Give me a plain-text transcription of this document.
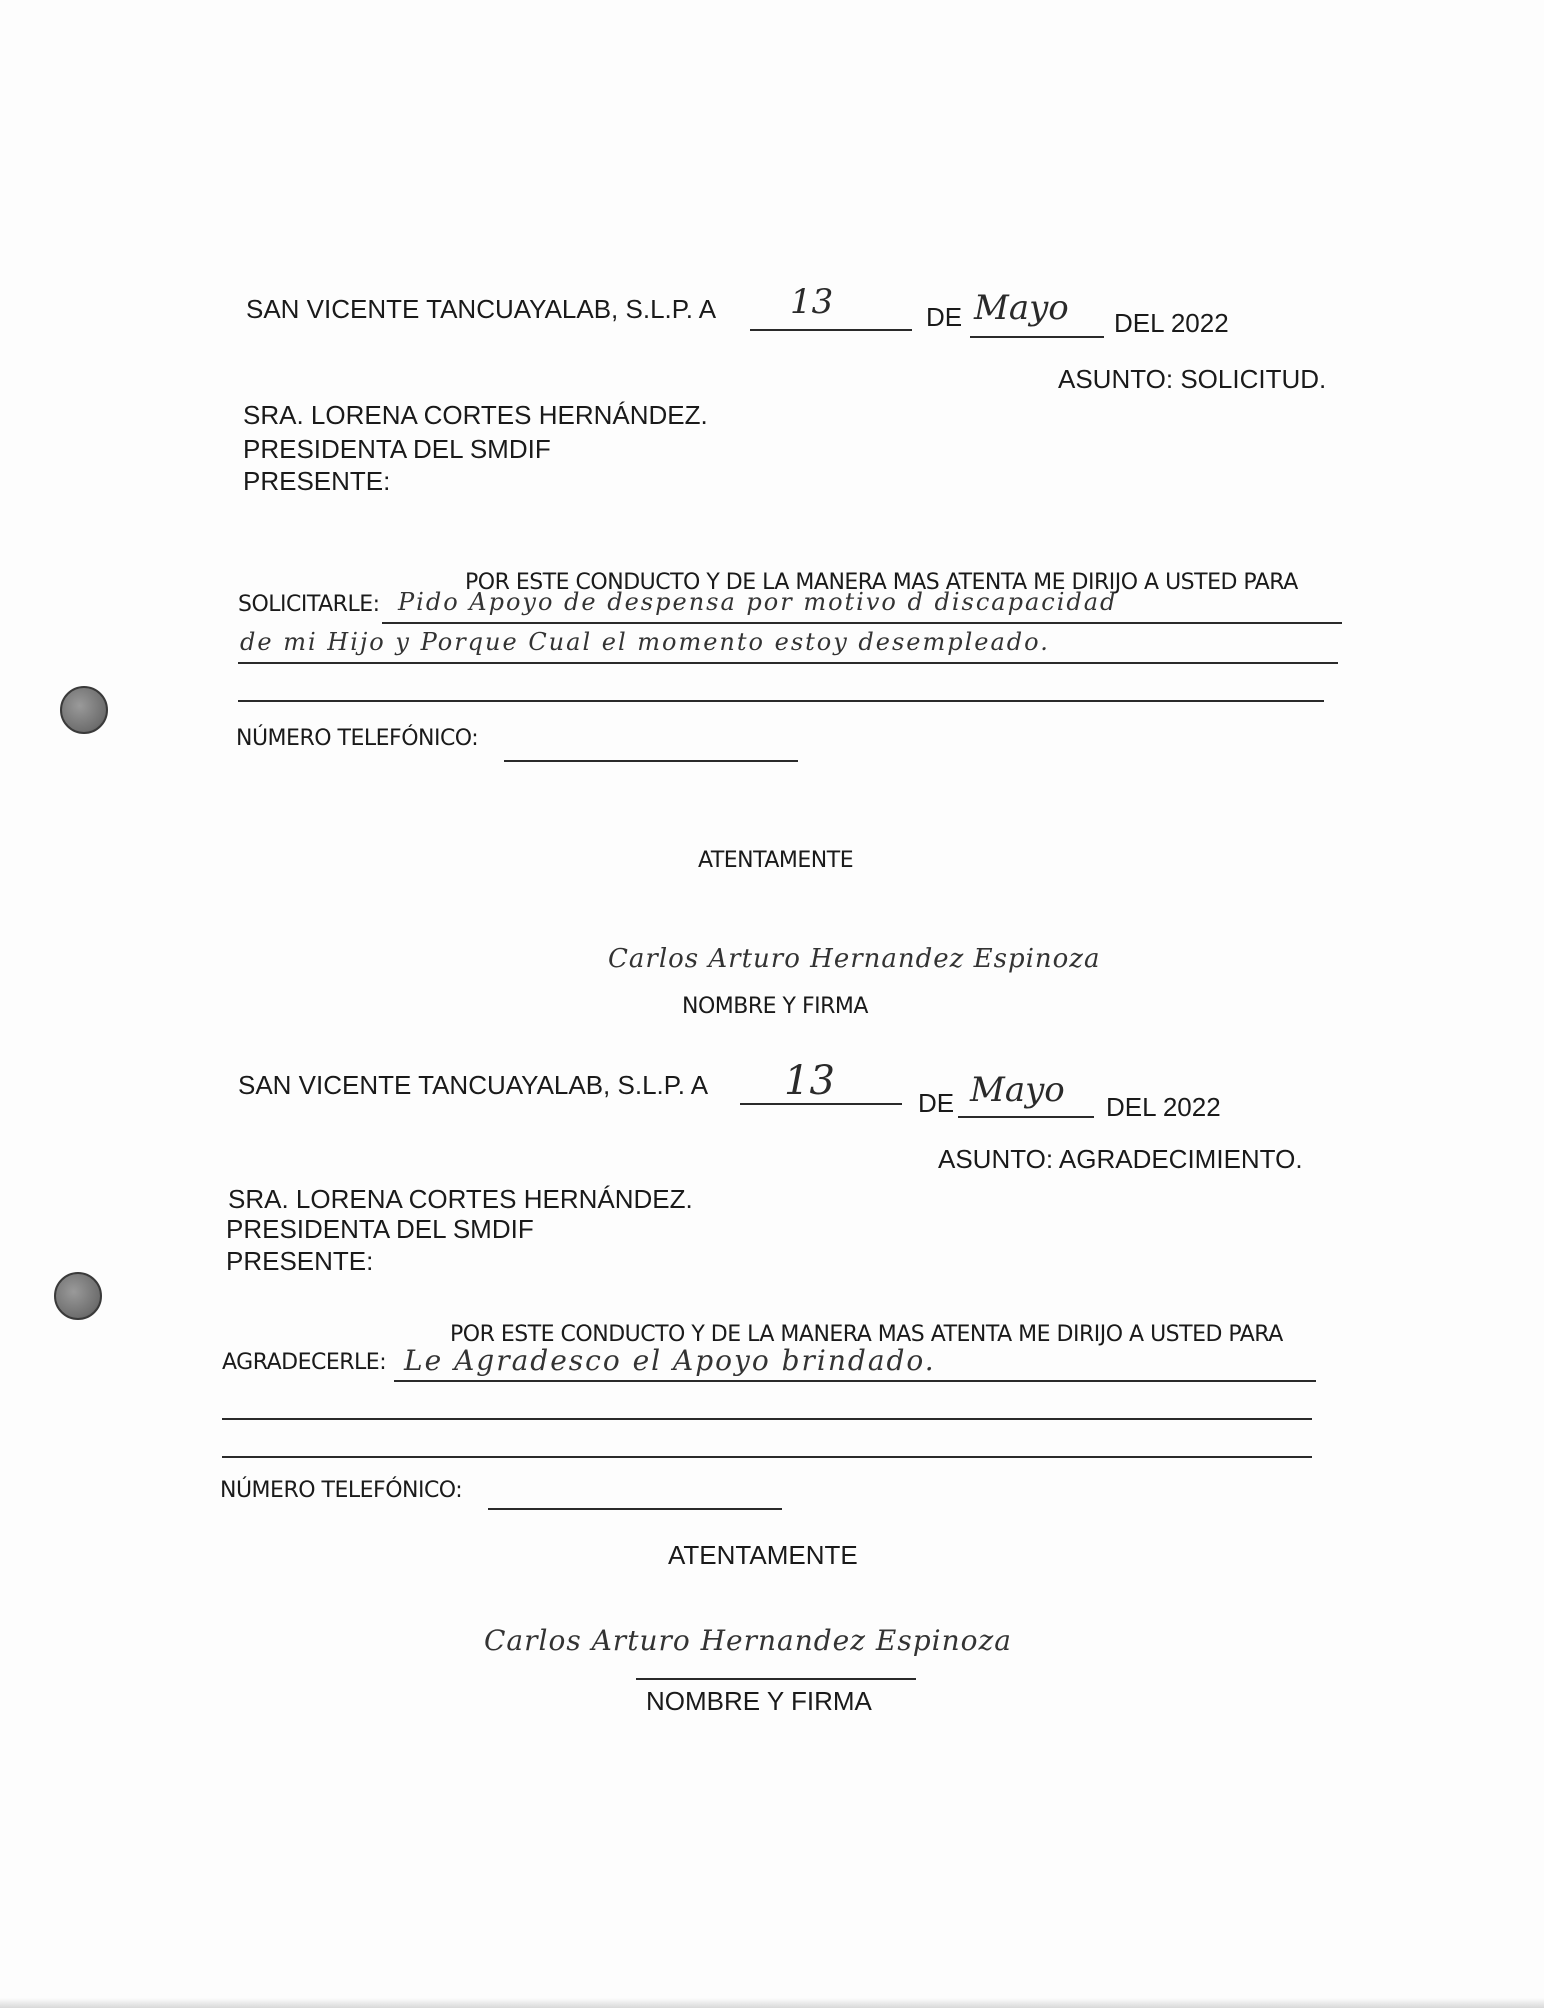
SAN VICENTE TANCUAYALAB, S.L.P. A 13	DE Mayo DEL 2022
ASUNTO: SOLICITUD.
SRA. LORENA CORTES HERNÁNDEZ.
PRESIDENTA DEL SMDIF
PRESENTE:
POR ESTE CONDUCTO Y DE LA MANERA MAS ATENTA ME DIRIJO A USTED PARA
SOLICITARLE: Pido Apoyo de despensa por motivo d discapacidad
de mi Hijo y Porque Cual el momento estoy desempleado.
NÚMERO TELEFÓNICO:
ATENTAMENTE
Carlos Arturo Hernandez Espinoza
NOMBRE Y FIRMA
SAN VICENTE TANCUAYALAB, S.L.P. A 13	DE Mayo DEL 2022
ASUNTO: AGRADECIMIENTO.
SRA. LORENA CORTES HERNÁNDEZ.
PRESIDENTA DEL SMDIF
PRESENTE:
POR ESTE CONDUCTO Y DE LA MANERA MAS ATENTA ME DIRIJO A USTED PARA
AGRADECERLE: Le Agradesco el Apoyo brindado.
NÚMERO TELEFÓNICO:
ATENTAMENTE
Carlos Arturo Hernandez Espinoza
NOMBRE Y FIRMA
